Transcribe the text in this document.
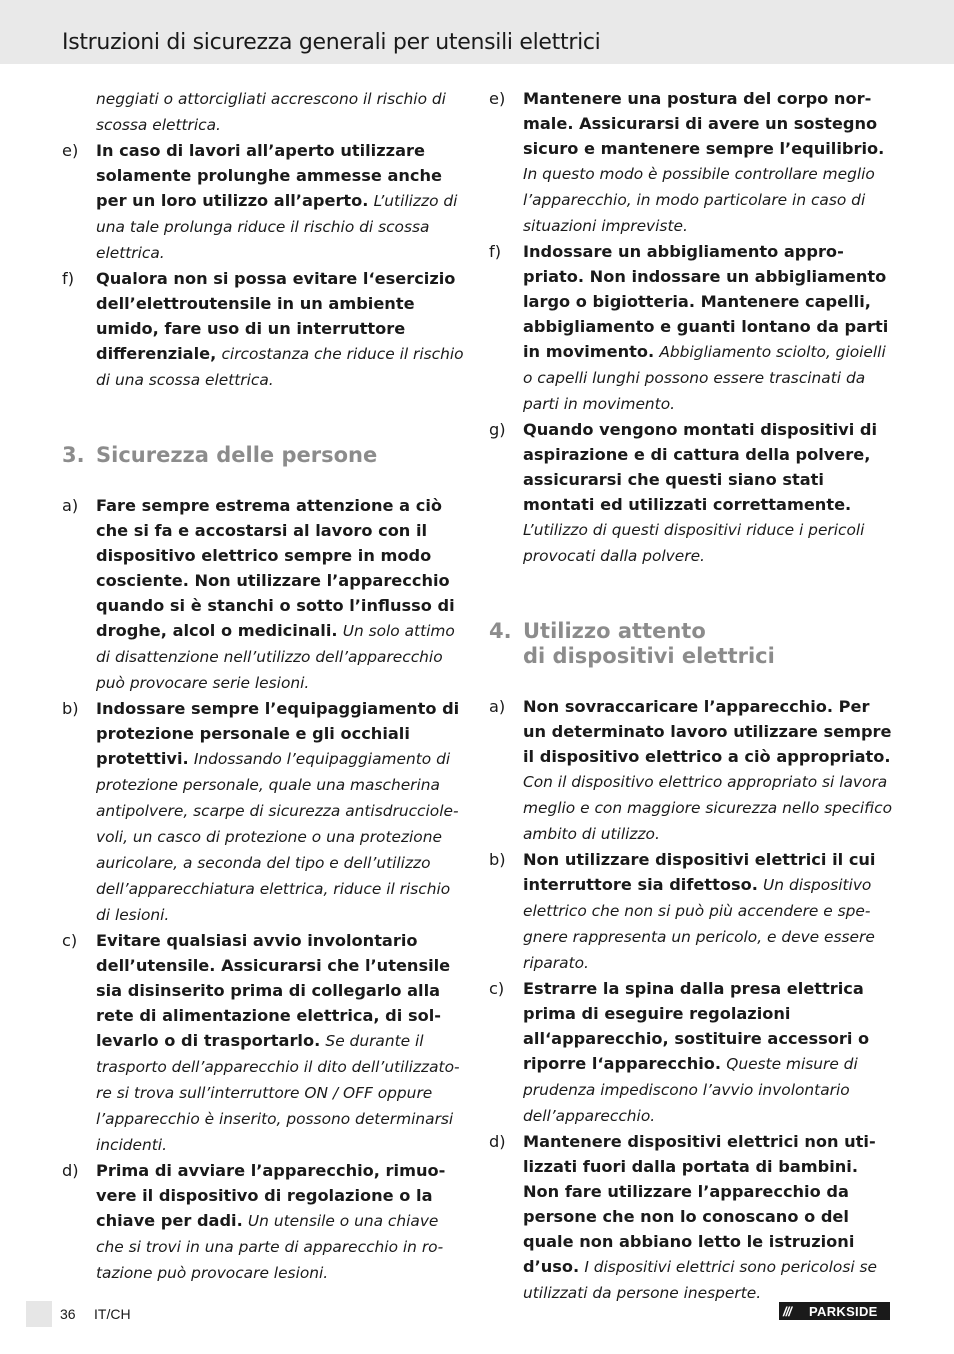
Istruzioni di sicurezza generali per utensili elettrici
neggiati o attorcigliati accrescono il rischio di scossa elettrica.
e)	In caso di lavori all’aperto utilizzare solamente prolunghe ammesse anche per un loro utilizzo all’aperto. L’utilizzo di una tale prolunga riduce il rischio di scossa elettrica.
f)	Qualora non si possa evitare l‘esercizio dell’elettroutensile in un ambiente umido, fare uso di un interruttore differenziale, circostanza che riduce il rischio di una scossa elettrica.
3. Sicurezza delle persone
a)	Fare sempre estrema attenzione a ciò che si fa e accostarsi al lavoro con il dispositivo elettrico sempre in modo cosciente. Non utilizzare l’apparecchio quando si è stanchi o sotto l’influsso di droghe, alcol o medicinali. Un solo attimo di disattenzione nell’utilizzo dell’apparecchio può provocare serie lesioni.
b)	Indossare sempre l’equipaggiamento di protezione personale e gli occhiali protettivi. Indossando l’equipaggiamento di protezione personale, quale una mascherina antipolvere, scarpe di sicurezza antisdrucciolevoli, un casco di protezione o una protezione auricolare, a seconda del tipo e dell’utilizzo dell’apparecchiatura elettrica, riduce il rischio di lesioni.
c)	Evitare qualsiasi avvio involontario dell’utensile. Assicurarsi che l’utensile sia disinserito prima di collegarlo alla rete di alimentazione elettrica, di sollevarlo o di trasportarlo. Se durante il trasporto dell’apparecchio il dito dell’utilizzatore si trova sull’interruttore ON / OFF oppure l’apparecchio è inserito, possono determinarsi incidenti.
d)	Prima di avviare l’apparecchio, rimuovere il dispositivo di regolazione o la chiave per dadi. Un utensile o una chiave che si trovi in una parte di apparecchio in rotazione può provocare lesioni.
e)	Mantenere una postura del corpo normale. Assicurarsi di avere un sostegno sicuro e mantenere sempre l’equilibrio. In questo modo è possibile controllare meglio l’apparecchio, in modo particolare in caso di situazioni impreviste.
f)	Indossare un abbigliamento appropriato. Non indossare un abbigliamento largo o bigiotteria. Mantenere capelli, abbigliamento e guanti lontano da parti in movimento. Abbigliamento sciolto, gioielli o capelli lunghi possono essere trascinati da parti in movimento.
g)	Quando vengono montati dispositivi di aspirazione e di cattura della polvere, assicurarsi che questi siano stati montati ed utilizzati correttamente. L’utilizzo di questi dispositivi riduce i pericoli provocati dalla polvere.
4. Utilizzo attento
di dispositivi elettrici
a)	Non sovraccaricare l’apparecchio. Per un determinato lavoro utilizzare sempre il dispositivo elettrico a ciò appropriato. Con il dispositivo elettrico appropriato si lavora meglio e con maggiore sicurezza nello specifico ambito di utilizzo.
b)	Non utilizzare dispositivi elettrici il cui interruttore sia difettoso. Un dispositivo elettrico che non si può più accendere e spegnere rappresenta un pericolo, e deve essere riparato.
c)	Estrarre la spina dalla presa elettrica prima di eseguire regolazioni all‘apparecchio, sostituire accessori o riporre l‘apparecchio. Queste misure di prudenza impediscono l’avvio involontario dell’apparecchio.
d)	Mantenere dispositivi elettrici non utilizzati fuori dalla portata di bambini. Non fare utilizzare l’apparecchio da persone che non lo conoscano o del quale non abbiano letto le istruzioni d’uso. I dispositivi elettrici sono pericolosi se utilizzati da persone inesperte.
36 IT/CH	///	PARKSIDE
